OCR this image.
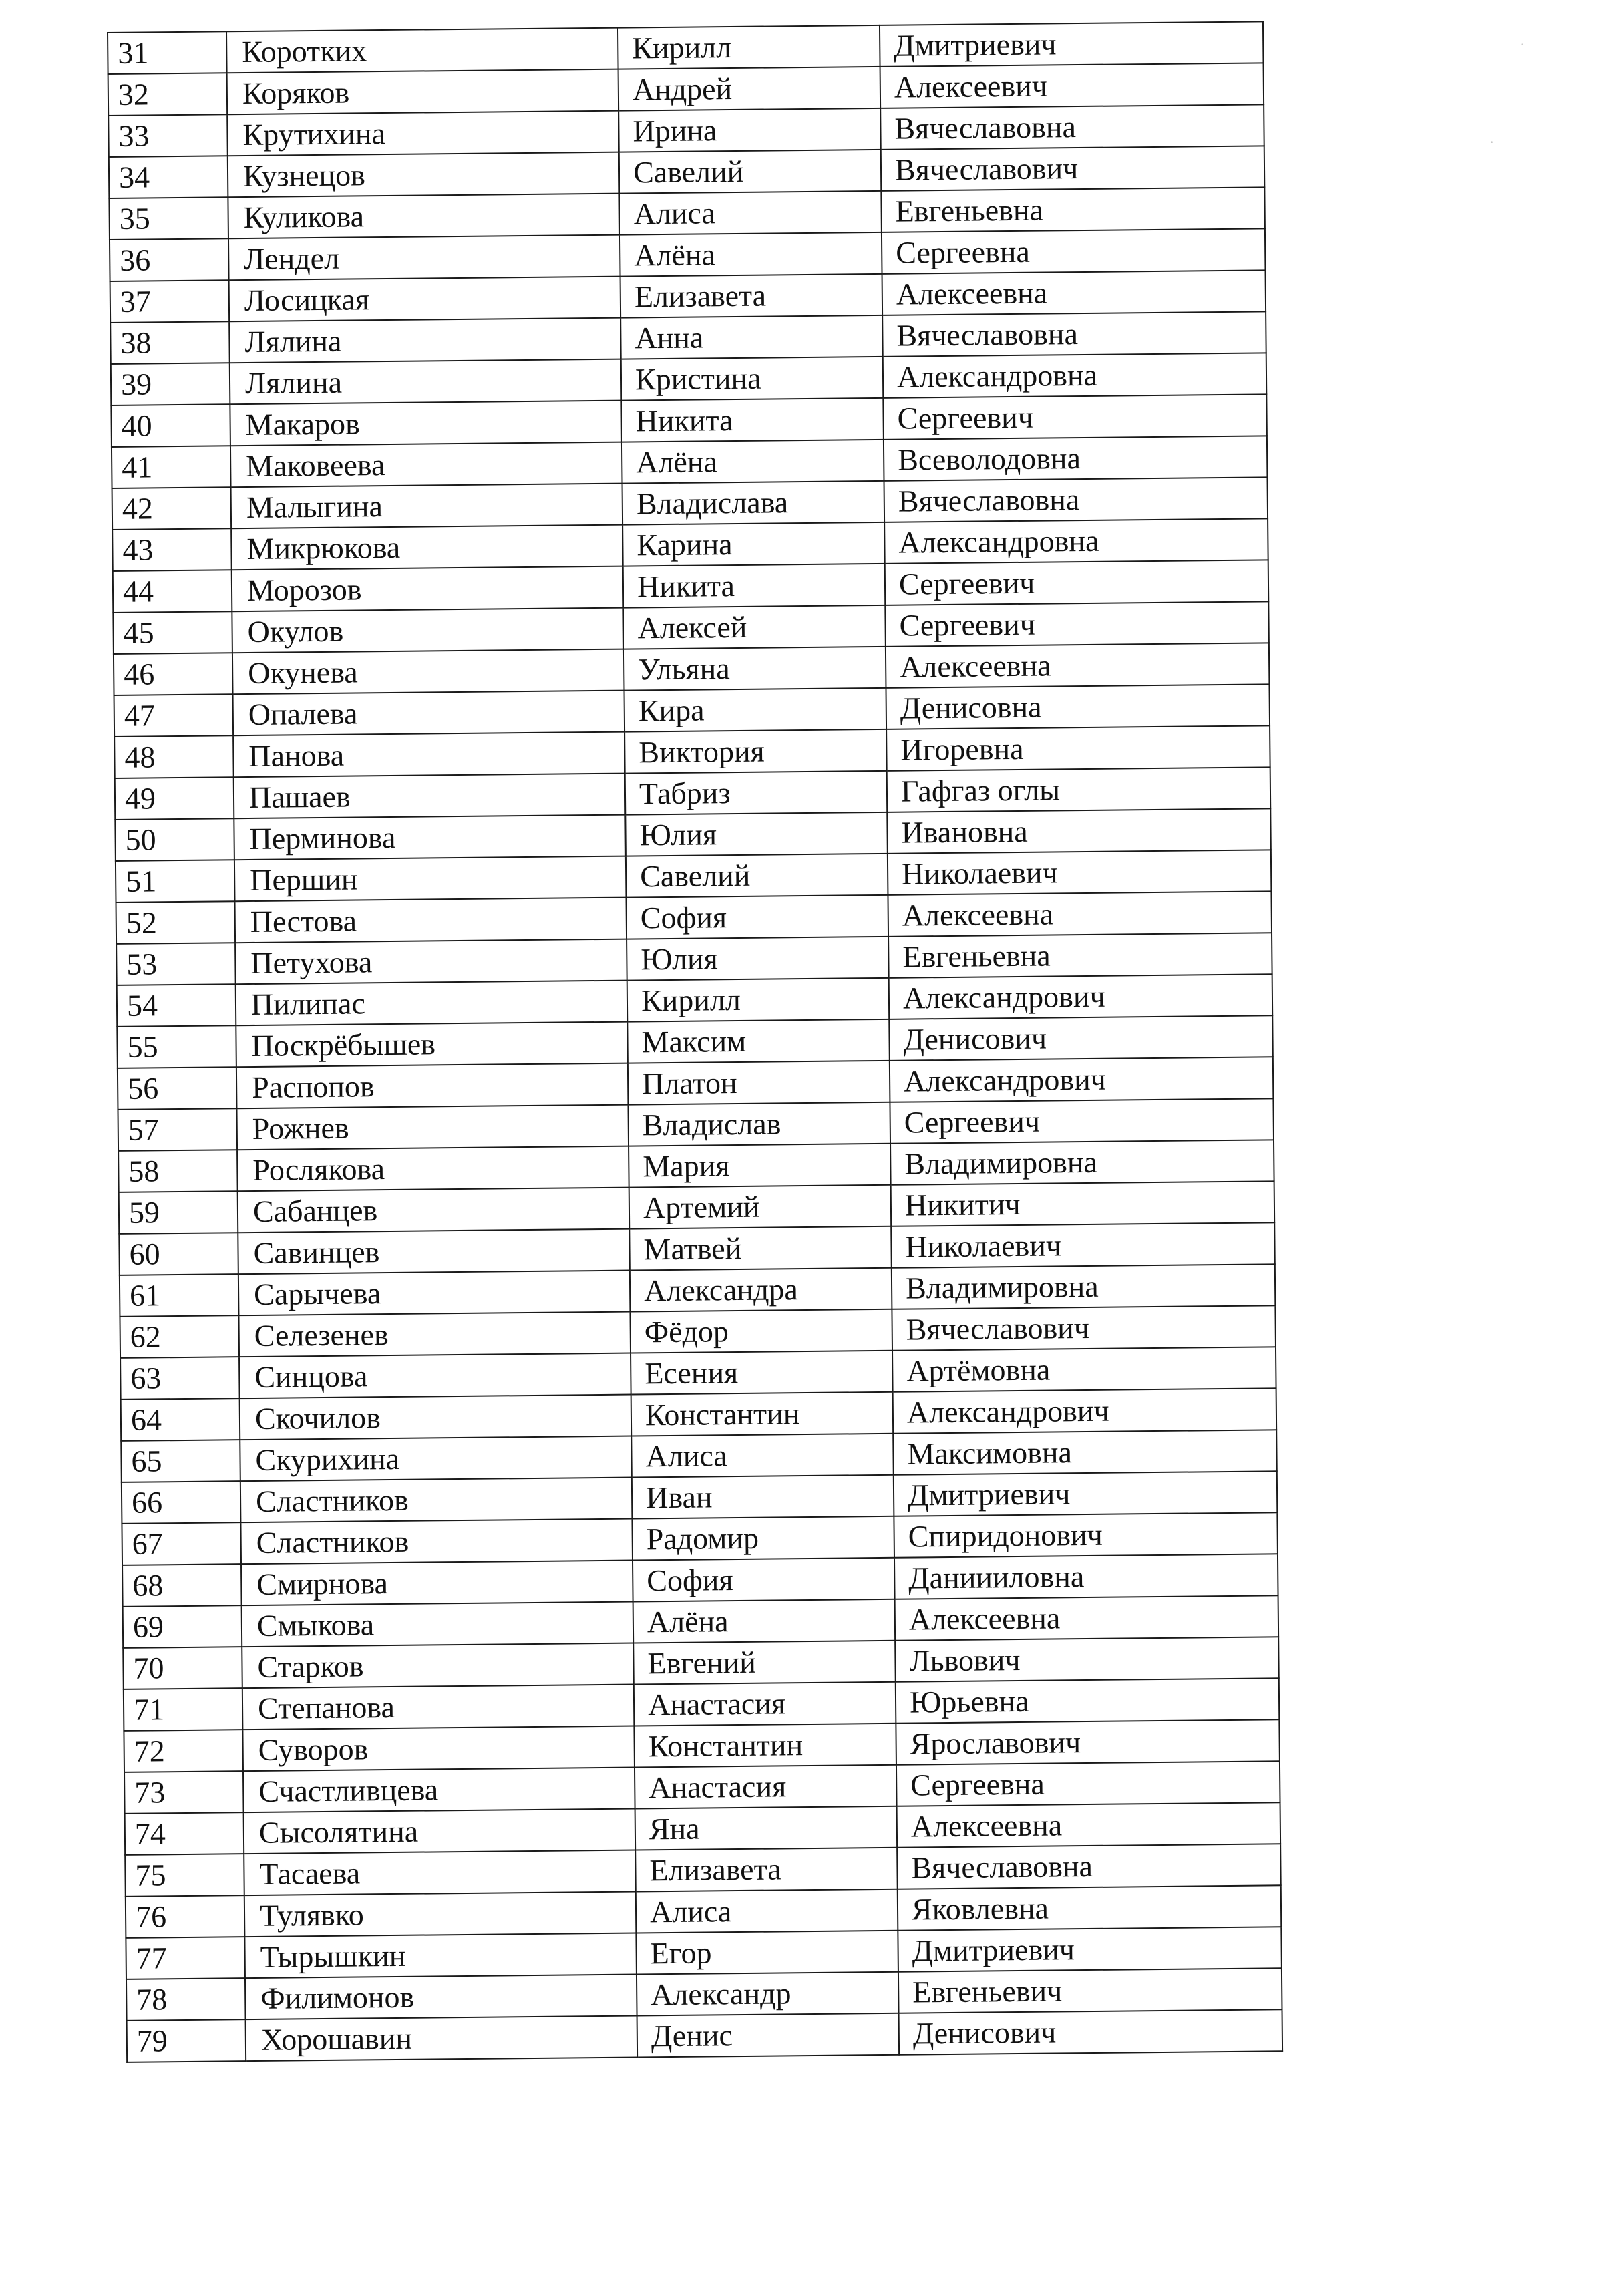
˙
·
31	Коротких	Кирилл	Дмитриевич
32	Коряков	Андрей	Алексеевич
33	Крутихина	Ирина	Вячеславовна
34	Кузнецов	Савелий	Вячеславович
35	Куликова	Алиса	Евгеньевна
36	Лендел	Алёна	Сергеевна
37	Лосицкая	Елизавета	Алексеевна
38	Лялина	Анна	Вячеславовна
39	Лялина	Кристина	Александровна
40	Макаров	Никита	Сергеевич
41	Маковеева	Алёна	Всеволодовна
42	Малыгина	Владислава	Вячеславовна
43	Микрюкова	Карина	Александровна
44	Морозов	Никита	Сергеевич
45	Окулов	Алексей	Сергеевич
46	Окунева	Ульяна	Алексеевна
47	Опалева	Кира	Денисовна
48	Панова	Виктория	Игоревна
49	Пашаев	Табриз	Гафгаз оглы
50	Перминова	Юлия	Ивановна
51	Першин	Савелий	Николаевич
52	Пестова	София	Алексеевна
53	Петухова	Юлия	Евгеньевна
54	Пилипас	Кирилл	Александрович
55	Поскрёбышев	Максим	Денисович
56	Распопов	Платон	Александрович
57	Рожнев	Владислав	Сергеевич
58	Рослякова	Мария	Владимировна
59	Сабанцев	Артемий	Никитич
60	Савинцев	Матвей	Николаевич
61	Сарычева	Александра	Владимировна
62	Селезенев	Фёдор	Вячеславович
63	Синцова	Есения	Артёмовна
64	Скочилов	Константин	Александрович
65	Скурихина	Алиса	Максимовна
66	Сластников	Иван	Дмитриевич
67	Сластников	Радомир	Спиридонович
68	Смирнова	София	Даниииловна
69	Смыкова	Алёна	Алексеевна
70	Старков	Евгений	Львович
71	Степанова	Анастасия	Юрьевна
72	Суворов	Константин	Ярославович
73	Счастливцева	Анастасия	Сергеевна
74	Сысолятина	Яна	Алексеевна
75	Тасаева	Елизавета	Вячеславовна
76	Тулявко	Алиса	Яковлевна
77	Тырышкин	Егор	Дмитриевич
78	Филимонов	Александр	Евгеньевич
79	Хорошавин	Денис	Денисович
